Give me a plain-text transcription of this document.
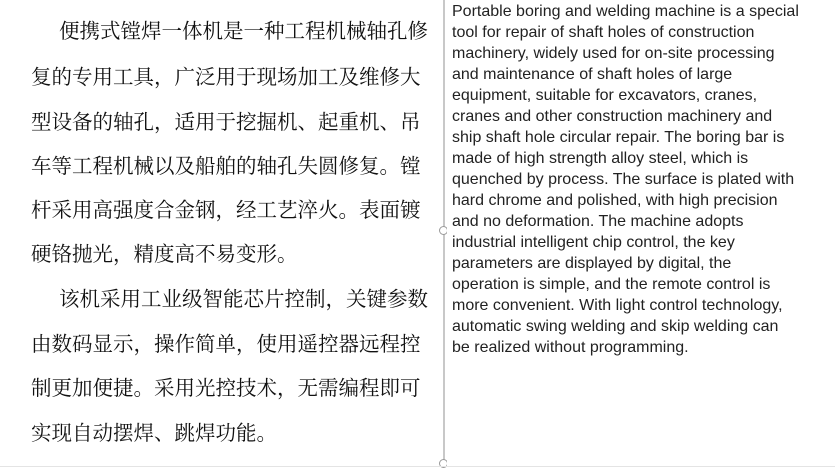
便携式镗焊一体机是一种工程机械轴孔修
复的专用工具，广泛用于现场加工及维修大
型设备的轴孔，适用于挖掘机、起重机、吊
车等工程机械以及船舶的轴孔失圆修复。镗
杆采用高强度合金钢，经工艺淬火。表面镀
硬铬抛光，精度高不易变形。
该机采用工业级智能芯片控制，关键参数
由数码显示，操作简单，使用遥控器远程控
制更加便捷。采用光控技术，无需编程即可
实现自动摆焊、跳焊功能。
Portable boring and welding machine is a special
tool for repair of shaft holes of construction
machinery, widely used for on-site processing
and maintenance of shaft holes of large
equipment, suitable for excavators, cranes,
cranes and other construction machinery and
ship shaft hole circular repair. The boring bar is
made of high strength alloy steel, which is
quenched by process. The surface is plated with
hard chrome and polished, with high precision
and no deformation. The machine adopts
industrial intelligent chip control, the key
parameters are displayed by digital, the
operation is simple, and the remote control is
more convenient. With light control technology,
automatic swing welding and skip welding can
be realized without programming.
